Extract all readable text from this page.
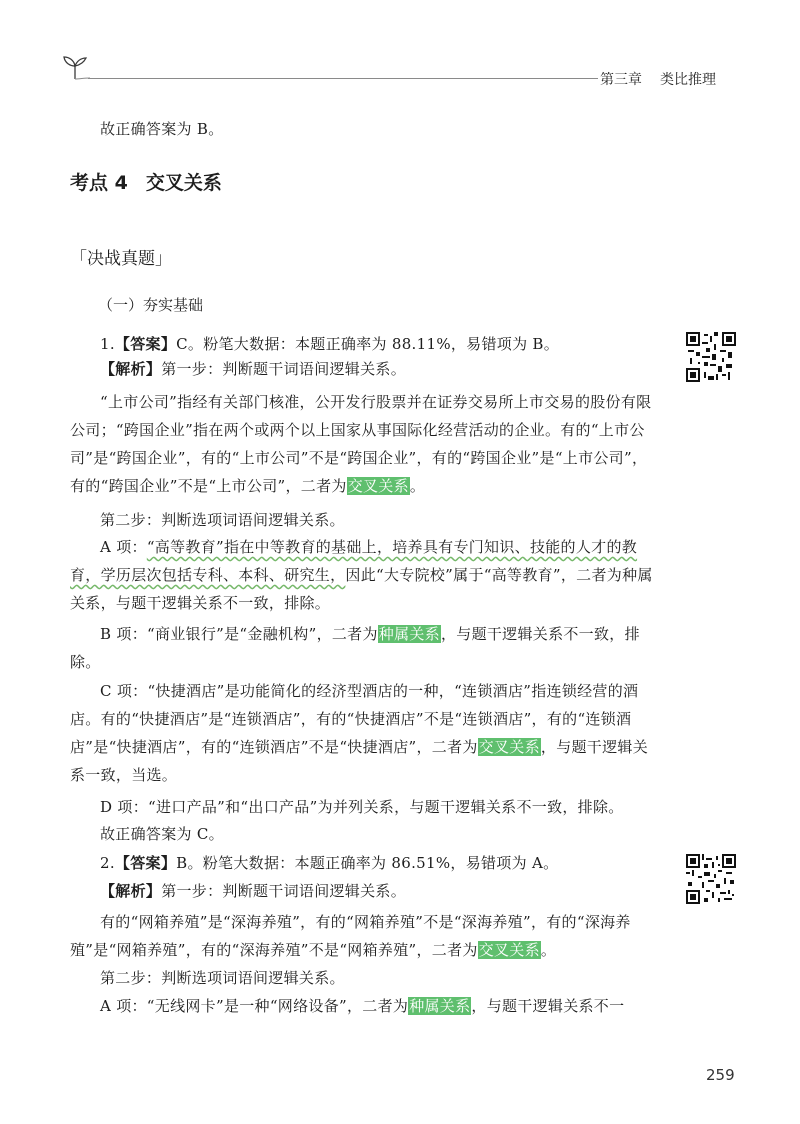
第三章 类比推理
故正确答案为 B。
考点 4 交叉关系
「决战真题」
（一）夯实基础
1.【答案】C。粉笔大数据：本题正确率为 88.11%，易错项为 B。
【解析】第一步：判断题干词语间逻辑关系。
“上市公司”指经有关部门核准，公开发行股票并在证券交易所上市交易的股份有限公司；“跨国企业”指在两个或两个以上国家从事国际化经营活动的企业。有的“上市公司”是“跨国企业”，有的“上市公司”不是“跨国企业”，有的“跨国企业”是“上市公司”，有的“跨国企业”不是“上市公司”，二者为交叉关系。
第二步：判断选项词语间逻辑关系。
A 项：“高等教育”指在中等教育的基础上，培养具有专门知识、技能的人才的教育，学历层次包括专科、本科、研究生，因此“大专院校”属于“高等教育”，二者为种属关系，与题干逻辑关系不一致，排除。
B 项：“商业银行”是“金融机构”，二者为种属关系，与题干逻辑关系不一致，排除。
C 项：“快捷酒店”是功能简化的经济型酒店的一种，“连锁酒店”指连锁经营的酒店。有的“快捷酒店”是“连锁酒店”，有的“快捷酒店”不是“连锁酒店”，有的“连锁酒店”是“快捷酒店”，有的“连锁酒店”不是“快捷酒店”，二者为交叉关系，与题干逻辑关系一致，当选。
D 项：“进口产品”和“出口产品”为并列关系，与题干逻辑关系不一致，排除。
故正确答案为 C。
2.【答案】B。粉笔大数据：本题正确率为 86.51%，易错项为 A。
【解析】第一步：判断题干词语间逻辑关系。
有的“网箱养殖”是“深海养殖”，有的“网箱养殖”不是“深海养殖”，有的“深海养殖”是“网箱养殖”，有的“深海养殖”不是“网箱养殖”，二者为交叉关系。
第二步：判断选项词语间逻辑关系。
A 项：“无线网卡”是一种“网络设备”，二者为种属关系，与题干逻辑关系不一
259
